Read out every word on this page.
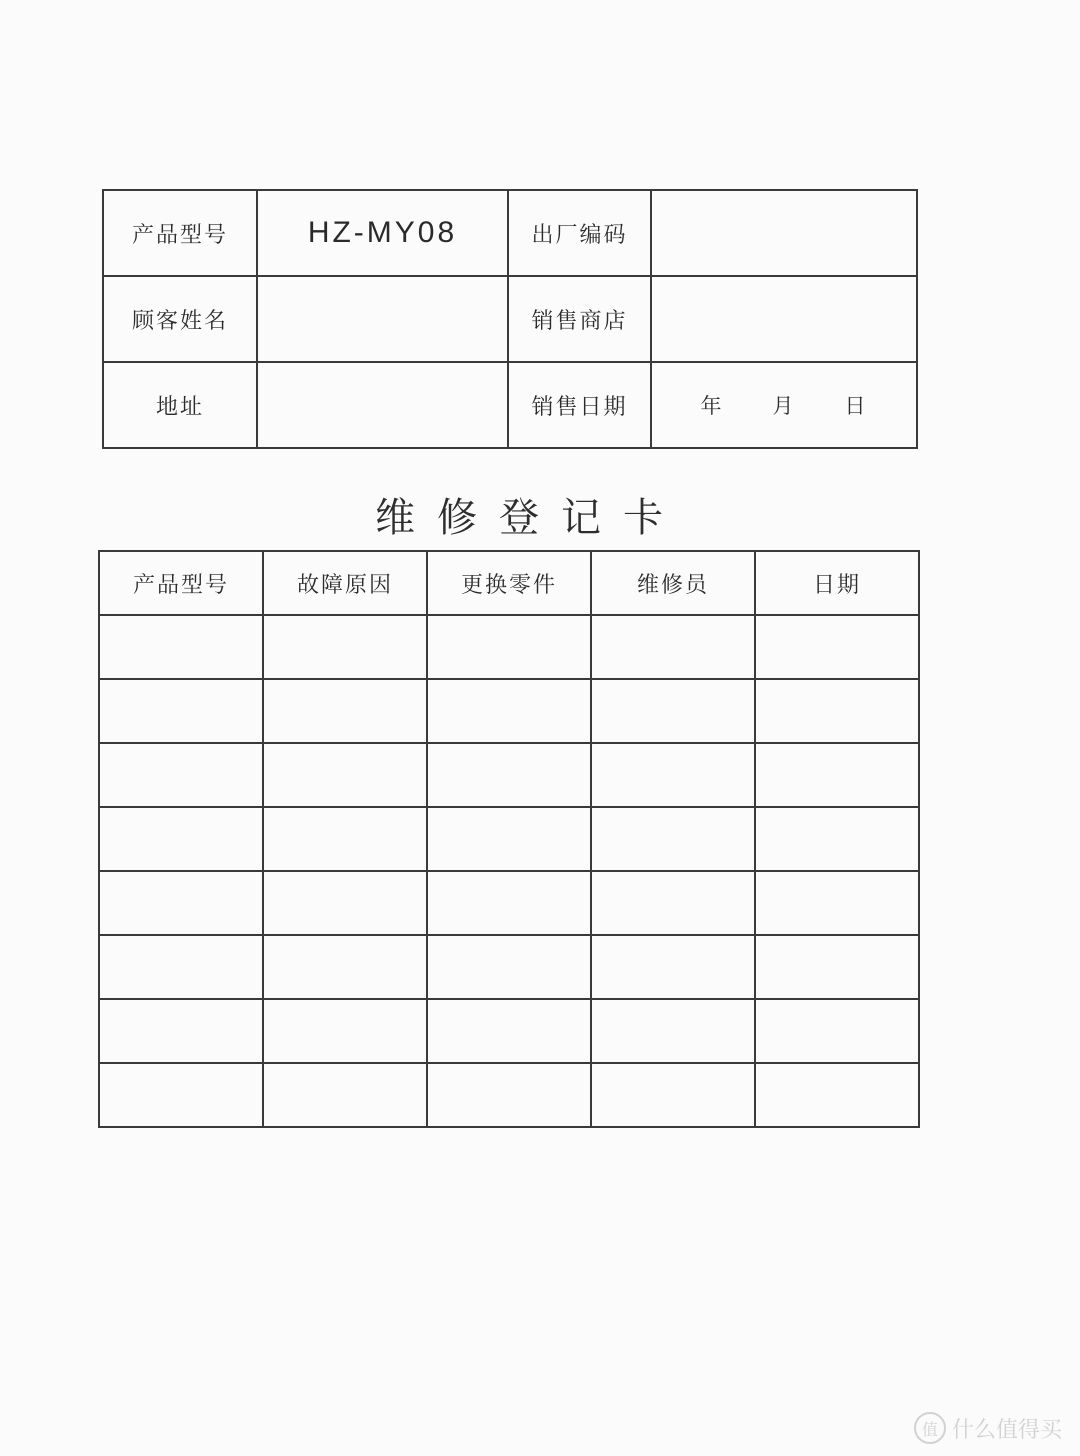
产品型号	HZ-MY08	出厂编码	
顾客姓名		销售商店	
地址		销售日期	年 月 日
维修登记卡
产品型号	故障原因	更换零件	维修员	日期

值 什么值得买
